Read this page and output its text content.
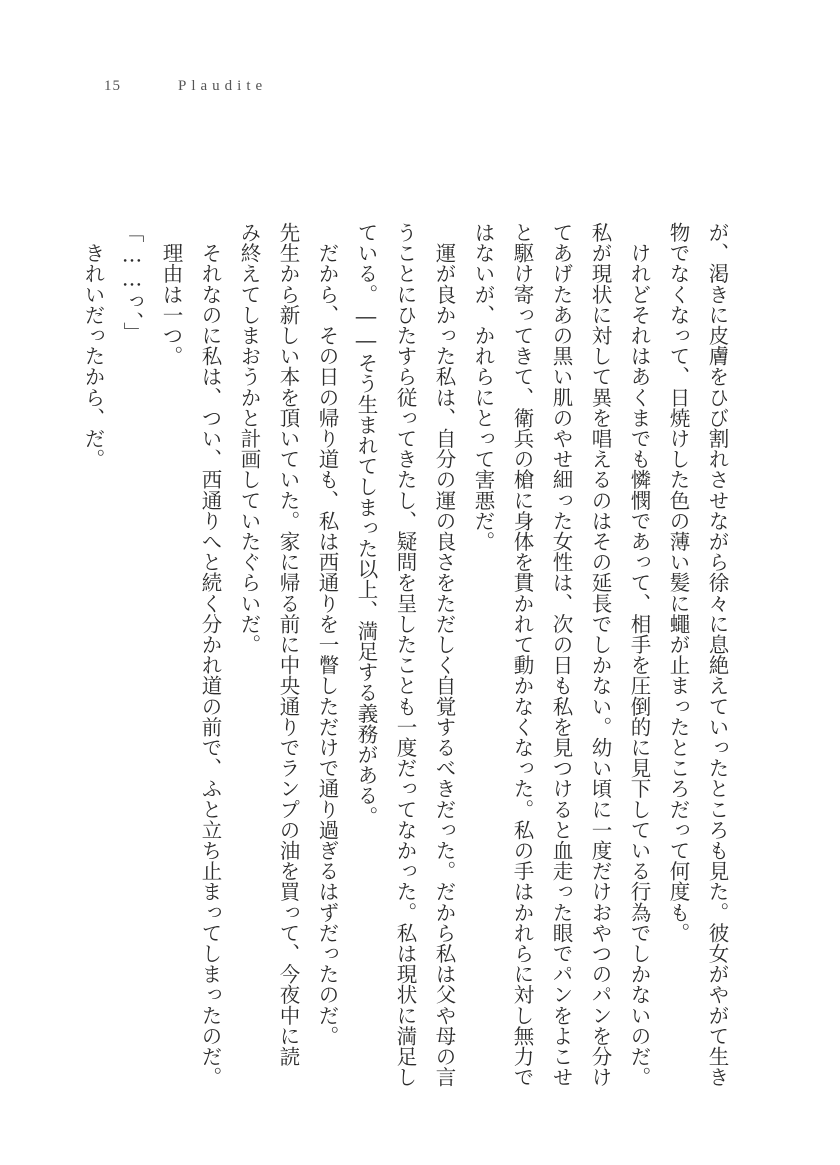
15	Plaudite
が、渇きに皮膚をひび割れさせながら徐々に息絶えていったところも見た。彼女がやがて生き
物でなくなって、日焼けした色の薄い髪に蠅が止まったところだって何度も。
　けれどそれはあくまでも憐憫であって、相手を圧倒的に見下している行為でしかないのだ。
私が現状に対して異を唱えるのはその延長でしかない。幼い頃に一度だけおやつのパンを分け
てあげたあの黒い肌のやせ細った女性は、次の日も私を見つけると血走った眼でパンをよこせ
と駆け寄ってきて、衛兵の槍に身体を貫かれて動かなくなった。私の手はかれらに対し無力で
はないが、かれらにとって害悪だ。
　運が良かった私は、自分の運の良さをただしく自覚するべきだった。だから私は父や母の言
うことにひたすら従ってきたし、疑問を呈したことも一度だってなかった。私は現状に満足し
ている。――そう生まれてしまった以上、満足する義務がある。
　だから、その日の帰り道も、私は西通りを一瞥しただけで通り過ぎるはずだったのだ。
先生から新しい本を頂いていた。家に帰る前に中央通りでランプの油を買って、今夜中に読
み終えてしまおうかと計画していたぐらいだ。
　それなのに私は、つい、西通りへと続く分かれ道の前で、ふと立ち止まってしまったのだ。
　理由は一つ。
「……っ、」
　きれいだったから、だ。
